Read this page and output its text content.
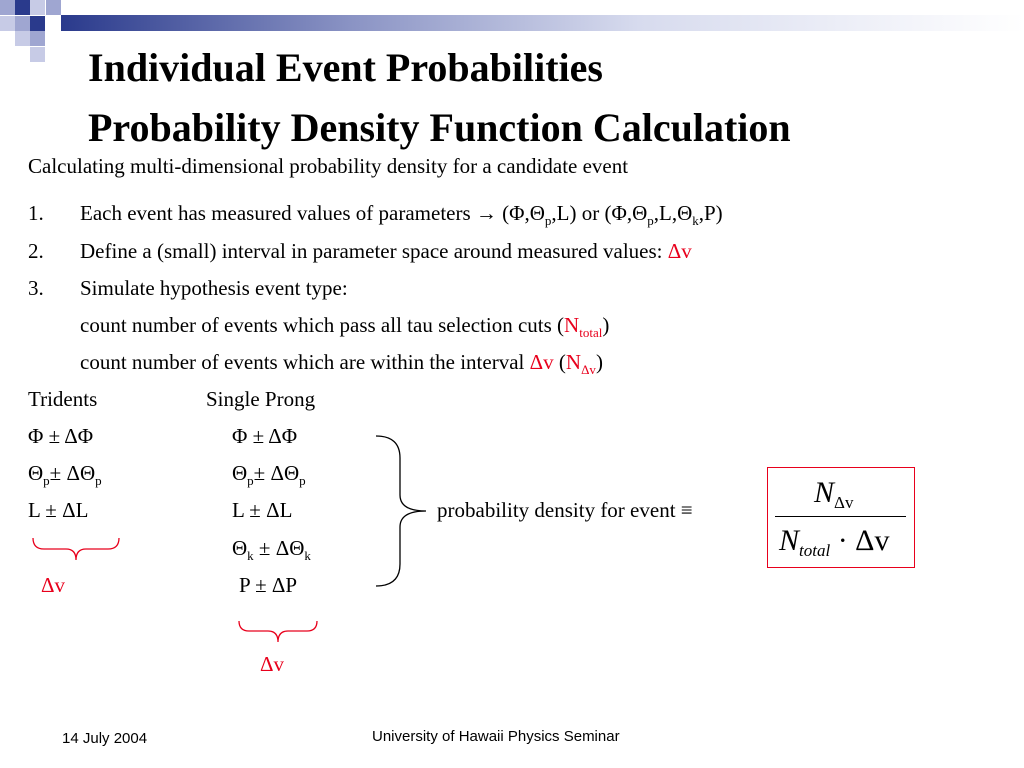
Individual Event Probabilities
Probability Density Function Calculation
Calculating multi-dimensional probability density for a candidate event
1. Each event has measured values of parameters → $(\Phi,\Theta_p,L)$ or $(\Phi,\Theta_p,L,\Theta_k,P)$
2. Define a (small) interval in parameter space around measured values: Δv
3. Simulate hypothesis event type:
count number of events which pass all tau selection cuts $(N_{total})$
count number of events which are within the interval Δv $(N_{\Delta v})$
Tridents
Φ ± ΔΦ
$\Theta_p\pm \Delta\Theta_p$
L ± ΔL
Δv
Single Prong
Φ ± ΔΦ
$\Theta_p\pm \Delta\Theta_p$
L ± ΔL
$\Theta_k \pm \Delta\Theta_k$
P ± ΔP
Δv
probability density for event ≡
$N_{\Delta v}$
$N_{total} \cdot \Delta v$
14 July 2004	University of Hawaii Physics Seminar
